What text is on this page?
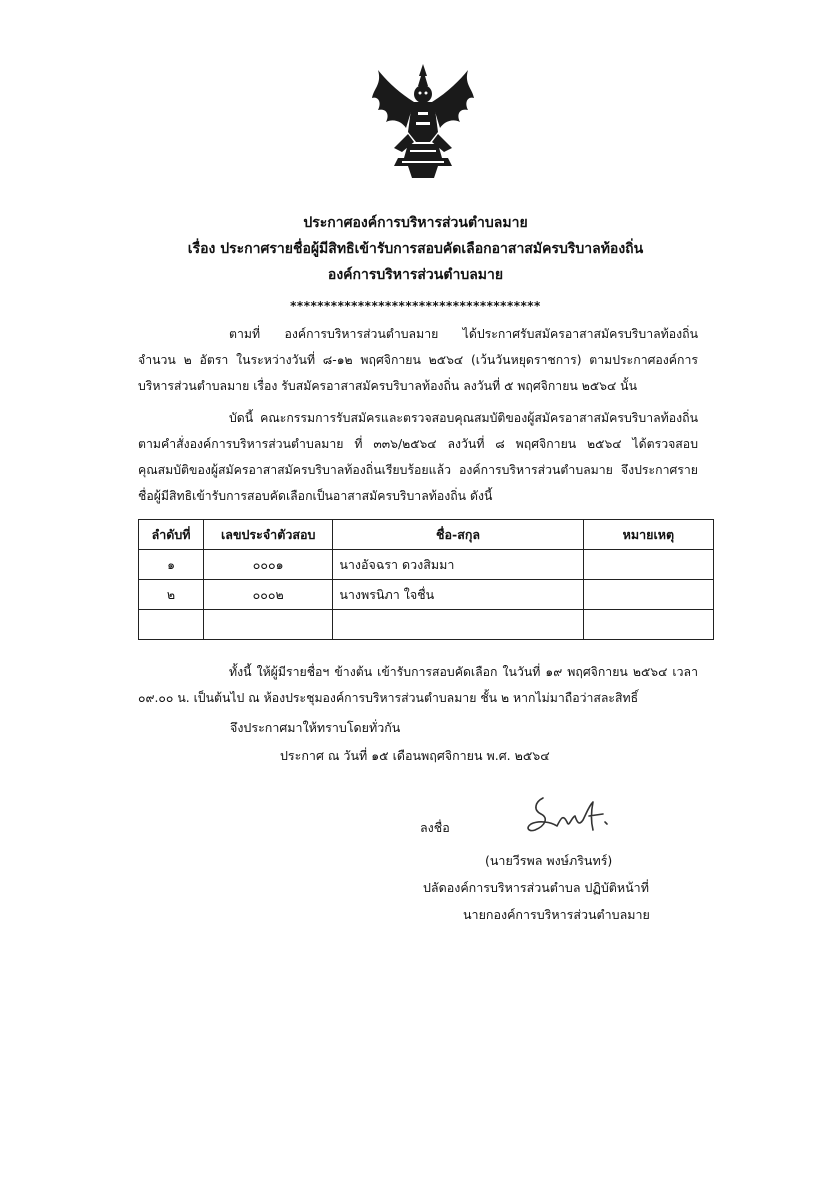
ประกาศองค์การบริหารส่วนตำบลมาย
เรื่อง ประกาศรายชื่อผู้มีสิทธิเข้ารับการสอบคัดเลือกอาสาสมัครบริบาลท้องถิ่น
องค์การบริหารส่วนตำบลมาย
*************************************
ตามที่ องค์การบริหารส่วนตำบลมาย ได้ประกาศรับสมัครอาสาสมัครบริบาลท้องถิ่น จำนวน ๒ อัตรา ในระหว่างวันที่ ๘-๑๒ พฤศจิกายน ๒๕๖๔ (เว้นวันหยุดราชการ) ตามประกาศองค์การบริหารส่วนตำบลมาย เรื่อง รับสมัครอาสาสมัครบริบาลท้องถิ่น ลงวันที่ ๕ พฤศจิกายน ๒๕๖๔ นั้น
บัดนี้ คณะกรรมการรับสมัครและตรวจสอบคุณสมบัติของผู้สมัครอาสาสมัครบริบาลท้องถิ่น ตามคำสั่งองค์การบริหารส่วนตำบลมาย ที่ ๓๓๖/๒๕๖๔ ลงวันที่ ๘ พฤศจิกายน ๒๕๖๔ ได้ตรวจสอบคุณสมบัติของผู้สมัครอาสาสมัครบริบาลท้องถิ่นเรียบร้อยแล้ว องค์การบริหารส่วนตำบลมาย จึงประกาศรายชื่อผู้มีสิทธิเข้ารับการสอบคัดเลือกเป็นอาสาสมัครบริบาลท้องถิ่น ดังนี้
ลำดับที่	เลขประจำตัวสอบ	ชื่อ-สกุล	หมายเหตุ
๑	๐๐๐๑	นางอัจฉรา ดวงสิมมา	
๒	๐๐๐๒	นางพรนิภา ใจชื่น	

ทั้งนี้ ให้ผู้มีรายชื่อฯ ข้างต้น เข้ารับการสอบคัดเลือก ในวันที่ ๑๙ พฤศจิกายน ๒๕๖๔ เวลา ๐๙.๐๐ น. เป็นต้นไป ณ ห้องประชุมองค์การบริหารส่วนตำบลมาย ชั้น ๒ หากไม่มาถือว่าสละสิทธิ์
จึงประกาศมาให้ทราบโดยทั่วกัน
ประกาศ ณ วันที่ ๑๕ เดือนพฤศจิกายน พ.ศ. ๒๕๖๔
ลงชื่อ
(นายวีรพล พงษ์ภรินทร์)
ปลัดองค์การบริหารส่วนตำบล ปฏิบัติหน้าที่
นายกองค์การบริหารส่วนตำบลมาย
